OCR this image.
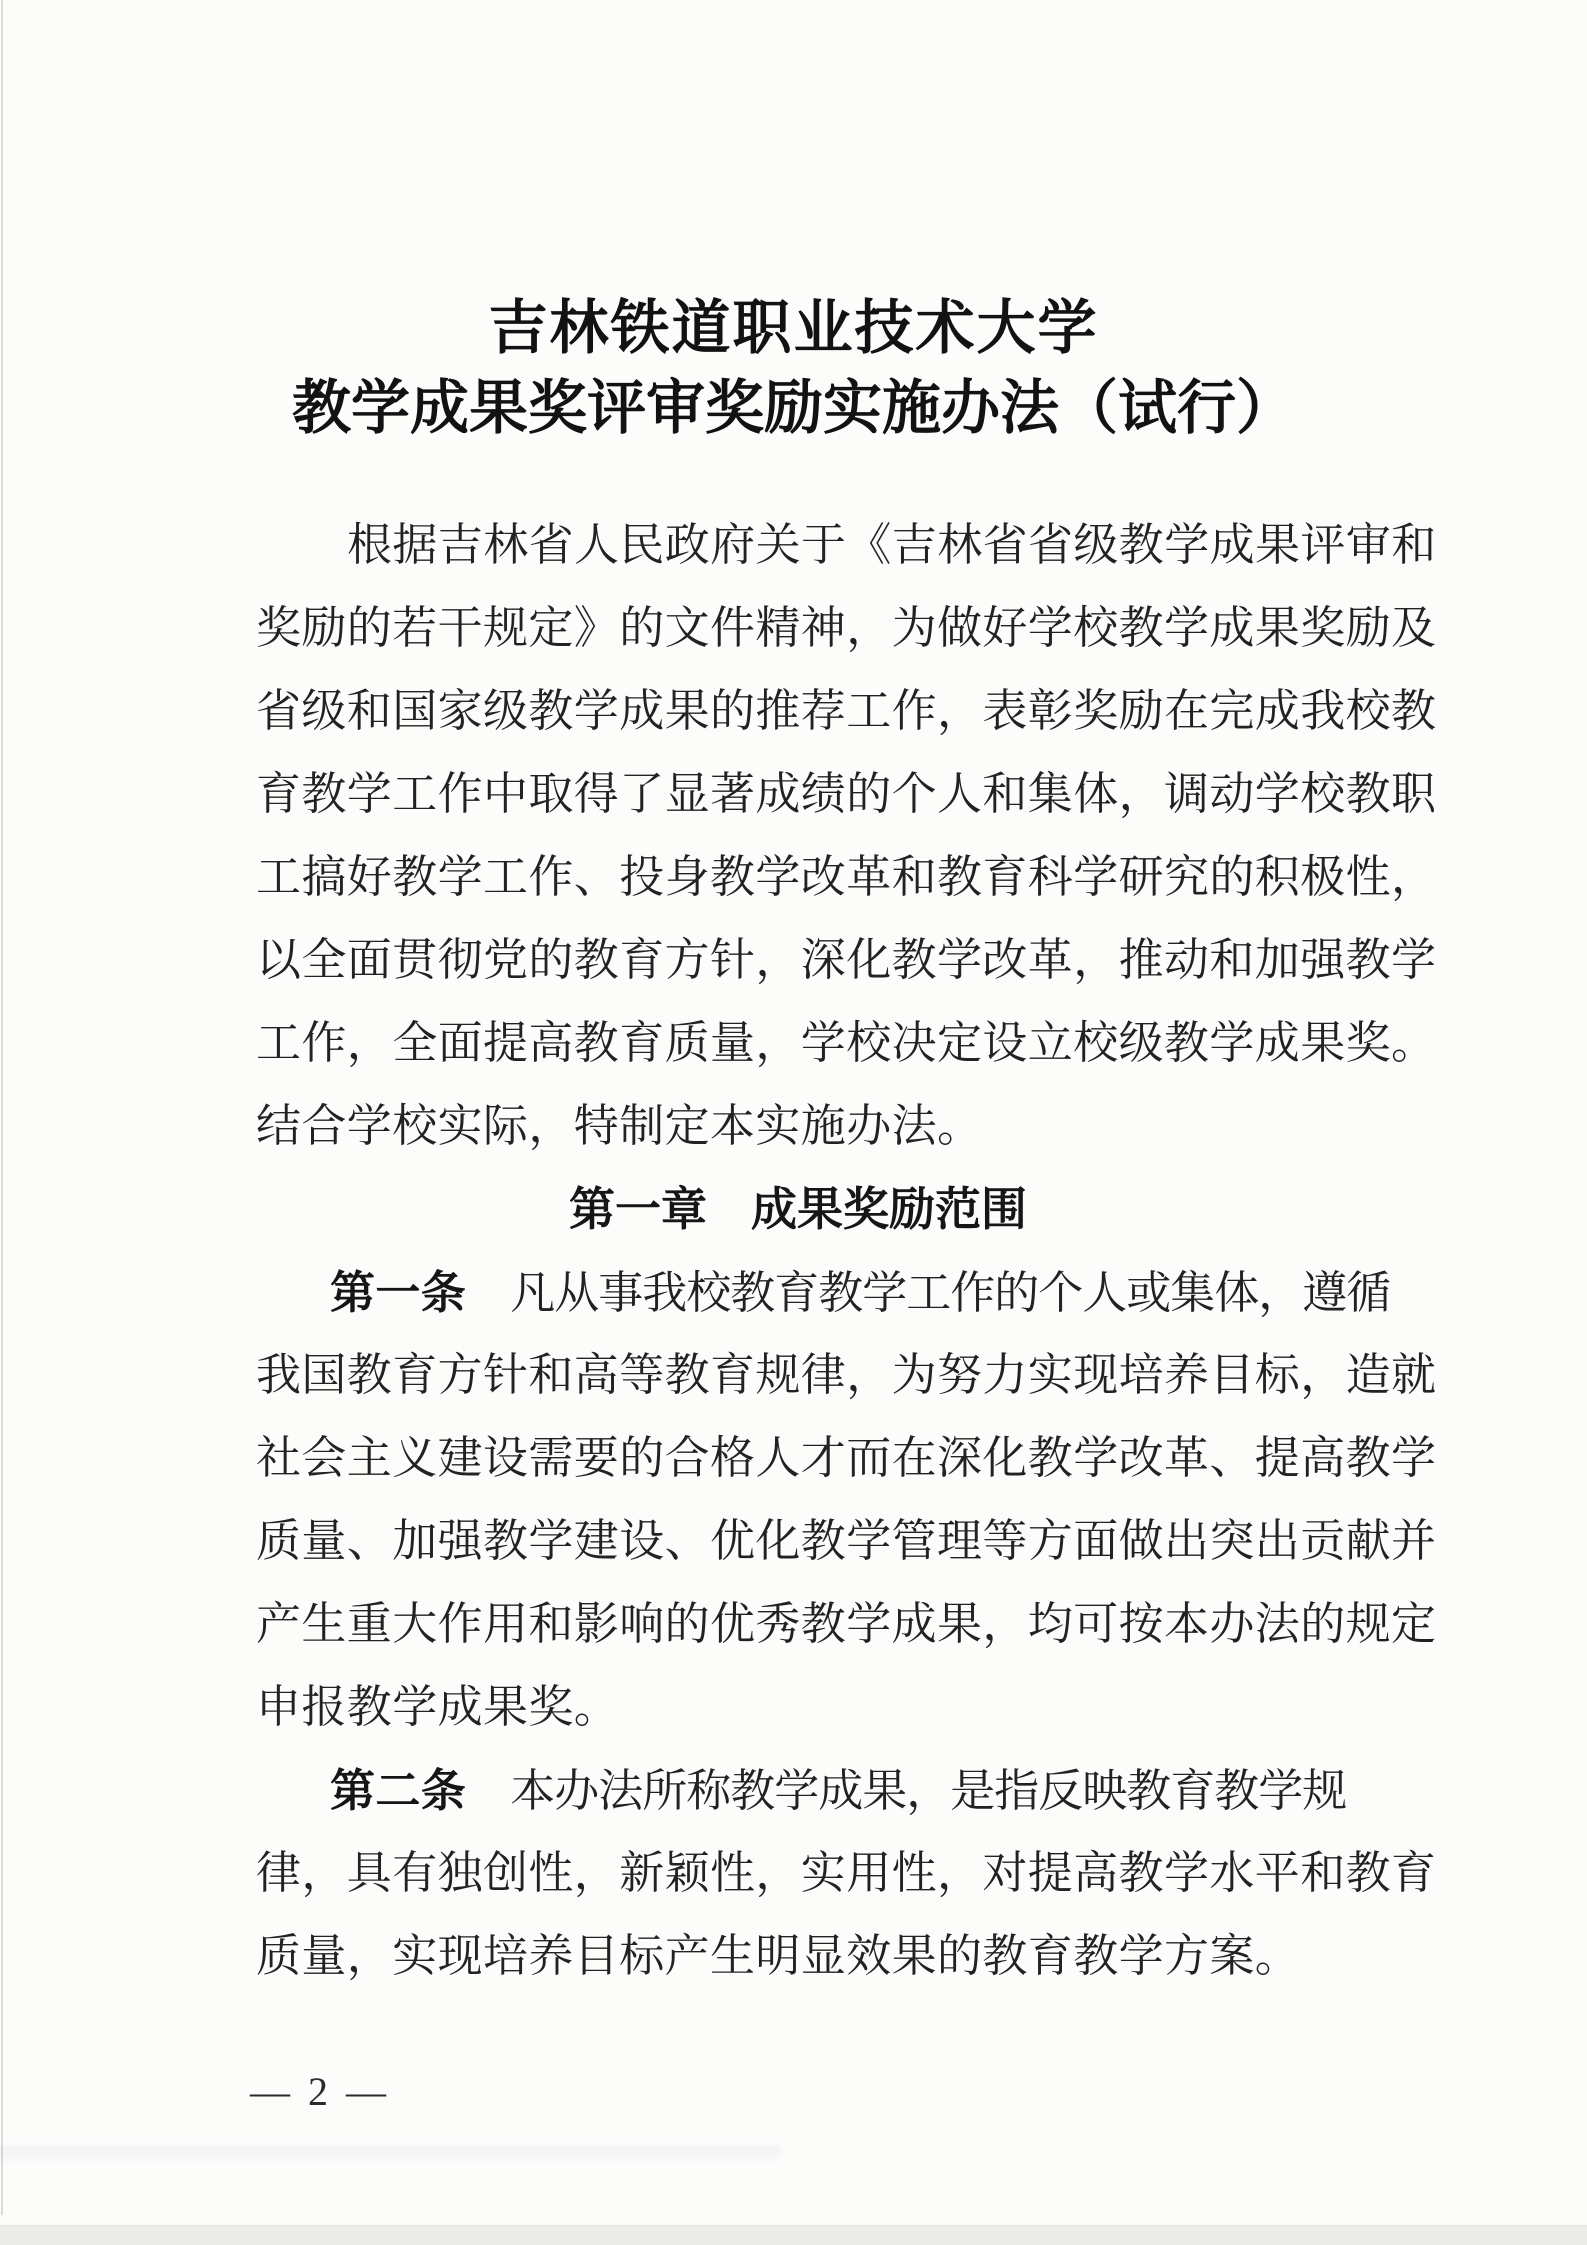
吉林铁道职业技术大学
教学成果奖评审奖励实施办法（试行）

根据吉林省人民政府关于《吉林省省级教学成果评审和

奖励的若干规定》的文件精神，为做好学校教学成果奖励及

省级和国家级教学成果的推荐工作，表彰奖励在完成我校教

育教学工作中取得了显著成绩的个人和集体，调动学校教职

工搞好教学工作、投身教学改革和教育科学研究的积极性，

以全面贯彻党的教育方针，深化教学改革，推动和加强教学

工作，全面提高教育质量，学校决定设立校级教学成果奖。

结合学校实际，特制定本实施办法。

第一章 成果奖励范围

第一条 凡从事我校教育教学工作的个人或集体，遵循

我国教育方针和高等教育规律，为努力实现培养目标，造就

社会主义建设需要的合格人才而在深化教学改革、提高教学

质量、加强教学建设、优化教学管理等方面做出突出贡献并

产生重大作用和影响的优秀教学成果，均可按本办法的规定

申报教学成果奖。

第二条 本办法所称教学成果，是指反映教育教学规

律，具有独创性，新颖性，实用性，对提高教学水平和教育

质量，实现培养目标产生明显效果的教育教学方案。

— 2 —
